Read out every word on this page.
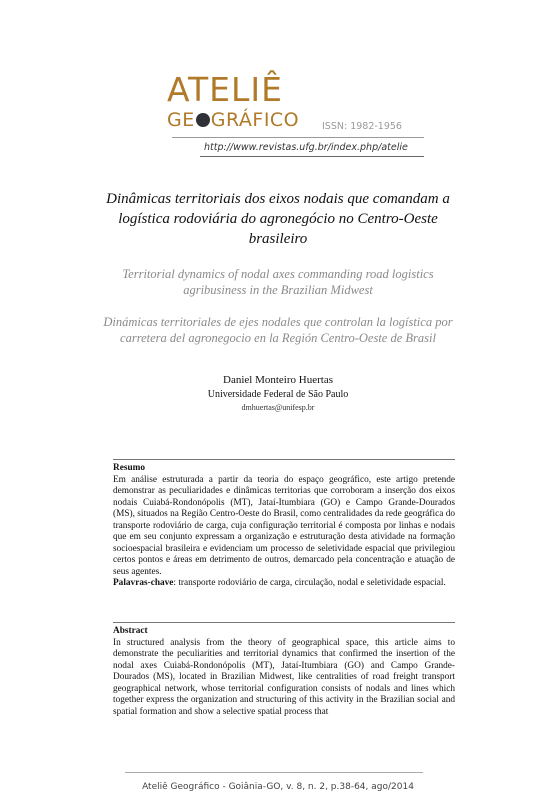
ATELIÊ
GE GRÁFICO ISSN: 1982-1956
http://www.revistas.ufg.br/index.php/atelie
Dinâmicas territoriais dos eixos nodais que comandam a logística rodoviária do agronegócio no Centro-Oeste brasileiro
Territorial dynamics of nodal axes commanding road logistics agribusiness in the Brazilian Midwest
Dinámicas territoriales de ejes nodales que controlan la logística por carretera del agronegocio en la Región Centro-Oeste de Brasil
Daniel Monteiro Huertas
Universidade Federal de São Paulo
dmhuertas@unifesp.br
Resumo
Em análise estruturada a partir da teoria do espaço geográfico, este artigo pretende demonstrar as peculiaridades e dinâmicas territorias que corroboram a inserção dos eixos nodais Cuiabá-Rondonópolis (MT), Jataí-Itumbiara (GO) e Campo Grande-Dourados (MS), situados na Região Centro-Oeste do Brasil, como centralidades da rede geográfica do transporte rodoviário de carga, cuja configuração territorial é composta por linhas e nodais que em seu conjunto expressam a organização e estruturação desta atividade na formação socioespacial brasileira e evidenciam um processo de seletividade espacial que privilegiou certos pontos e áreas em detrimento de outros, demarcado pela concentração e atuação de seus agentes.
Palavras-chave: transporte rodoviário de carga, circulação, nodal e seletividade espacial.
Abstract
In structured analysis from the theory of geographical space, this article aims to demonstrate the peculiarities and territorial dynamics that confirmed the insertion of the nodal axes Cuiabá-Rondonópolis (MT), Jataí-Itumbiara (GO) and Campo Grande-Dourados (MS), located in Brazilian Midwest, like centralities of road freight transport geographical network, whose territorial configuration consists of nodals and lines which together express the organization and structuring of this activity in the Brazilian social and spatial formation and show a selective spatial process that
Ateliê Geográfico - Goiânia-GO, v. 8, n. 2, p.38-64, ago/2014
